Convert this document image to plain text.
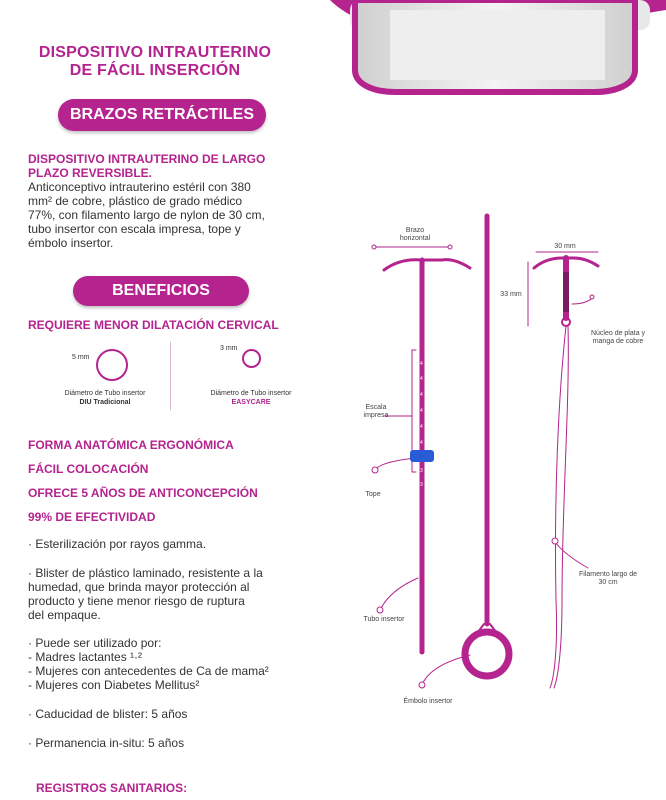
DISPOSITIVO INTRAUTERINO
DE FÁCIL INSERCIÓN
BRAZOS RETRÁCTILES
DISPOSITIVO INTRAUTERINO DE LARGO
PLAZO REVERSIBLE.
Anticonceptivo intrauterino estéril con 380
mm² de cobre, plástico de grado médico
77%, con filamento largo de nylon de 30 cm,
tubo insertor con escala impresa, tope y
émbolo insertor.
BENEFICIOS
REQUIERE MENOR DILATACIÓN CERVICAL
5 mm
Diámetro de Tubo insertor
DIU Tradicional
3 mm
Diámetro de Tubo insertor
EASYCARE
FORMA ANATÓMICA ERGONÓMICA
FÁCIL COLOCACIÓN
OFRECE 5 AÑOS DE ANTICONCEPCIÓN
99% DE EFECTIVIDAD
· Esterilización por rayos gamma.
· Blister de plástico laminado, resistente a la
humedad, que brinda mayor protección al
producto y tiene menor riesgo de ruptura
del empaque.
· Puede ser utilizado por:
- Madres lactantes ¹·²
- Mujeres con antecedentes de Ca de mama²
- Mujeres con Diabetes Mellitus²
· Caducidad de blister: 5 años
· Permanencia in-situ: 5 años
REGISTROS SANITARIOS:
4
4
4
4
4
4
3
3
Brazo horizontal
Escala impresa
Tope
Tubo insertor
Émbolo insertor
30 mm
33 mm
Núcleo de plata y manga de cobre
Filamento largo de 30 cm
